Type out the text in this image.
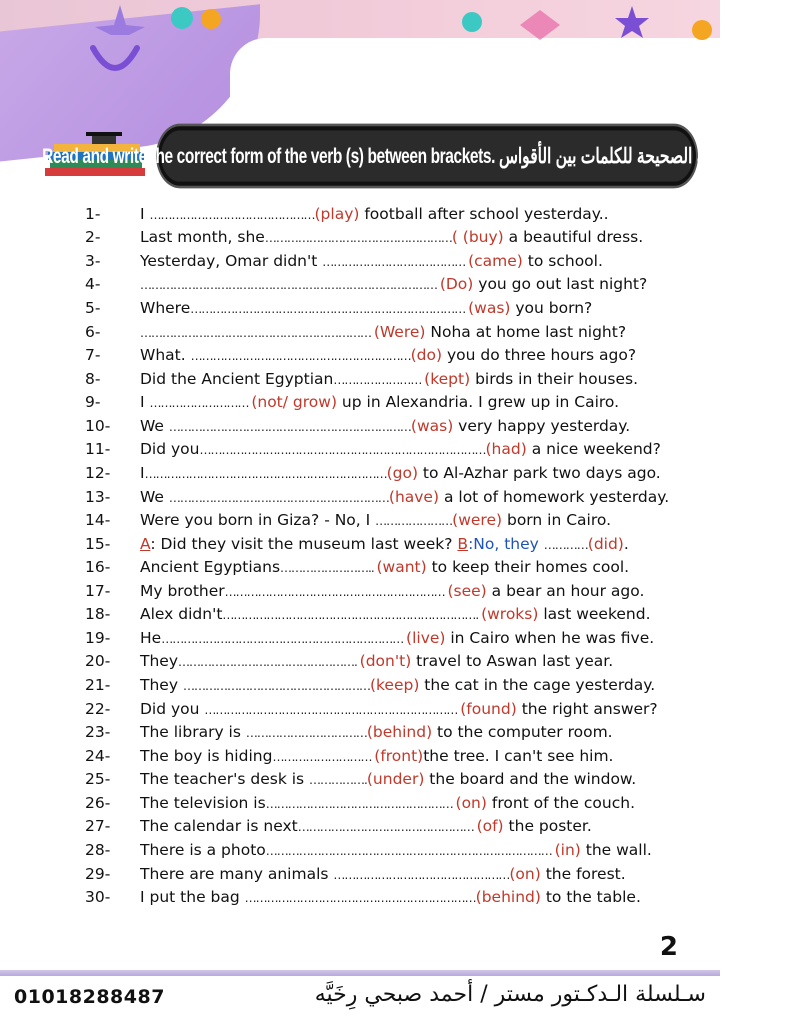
Read and write the correct form of the verb (s) between brackets. اقرأ واكتب الصيغة الصحيحة للكلمات بين الأقواس
1-	I ………………………………………(play) football after school yesterday..
2-	Last month, she……………………………………………( (buy) a beautiful dress.
3-	Yesterday, Omar didn't ………………………………… (came) to school.
4-	……………………………………………………………………… (Do) you go out last night?
5-	Where………………………………………………………………… (was) you born?
6-	……………………………………………………… (Were) Noha at home last night?
7-	What. ……………………………………………………(do) you do three hours ago?
8-	Did the Ancient Egyptian…………………… (kept) birds in their houses.
9-	I ……………………… (not/ grow) up in Alexandria. I grew up in Cairo.
10-	We …………………………………………………………(was) very happy yesterday.
11-	Did you……………………………………………………………………(had) a nice weekend?
12-	I…………………………………………………………(go) to Al-Azhar park two days ago.
13-	We ……………………………………………………(have) a lot of homework yesterday.
14-	Were you born in Giza? - No, I …………………(were) born in Cairo.
15-	A: Did they visit the museum last week? B:No, they …………(did).
16-	Ancient Egyptians…………………….. (want) to keep their homes cool.
17-	My brother…………………………………………………… (see) a bear an hour ago.
18-	Alex didn't……………………………………………………………. (wroks) last weekend.
19-	He………………………………………………………… (live) in Cairo when he was five.
20-	They…………………………………………. (don't) travel to Aswan last year.
21-	They ……………………………………………(keep) the cat in the cage yesterday.
22-	Did you …………………………………………………………… (found) the right answer?
23-	The library is ……………………………(behind) to the computer room.
24-	The boy is hiding……………………… (front)the tree. I can't see him.
25-	The teacher's desk is …………….(under) the board and the window.
26-	The television is…………………………………………… (on) front of the couch.
27-	The calendar is next………………………………………… (of) the poster.
28-	There is a photo…………………………………………………………………… (in) the wall.
29-	There are many animals …………………………………………(on) the forest.
30-	I put the bag ………………………………………………………(behind) to the table.
2
01018288487	سـلسلة الـدكـتور مستر / أحمد صبحي رِخَيَّه
